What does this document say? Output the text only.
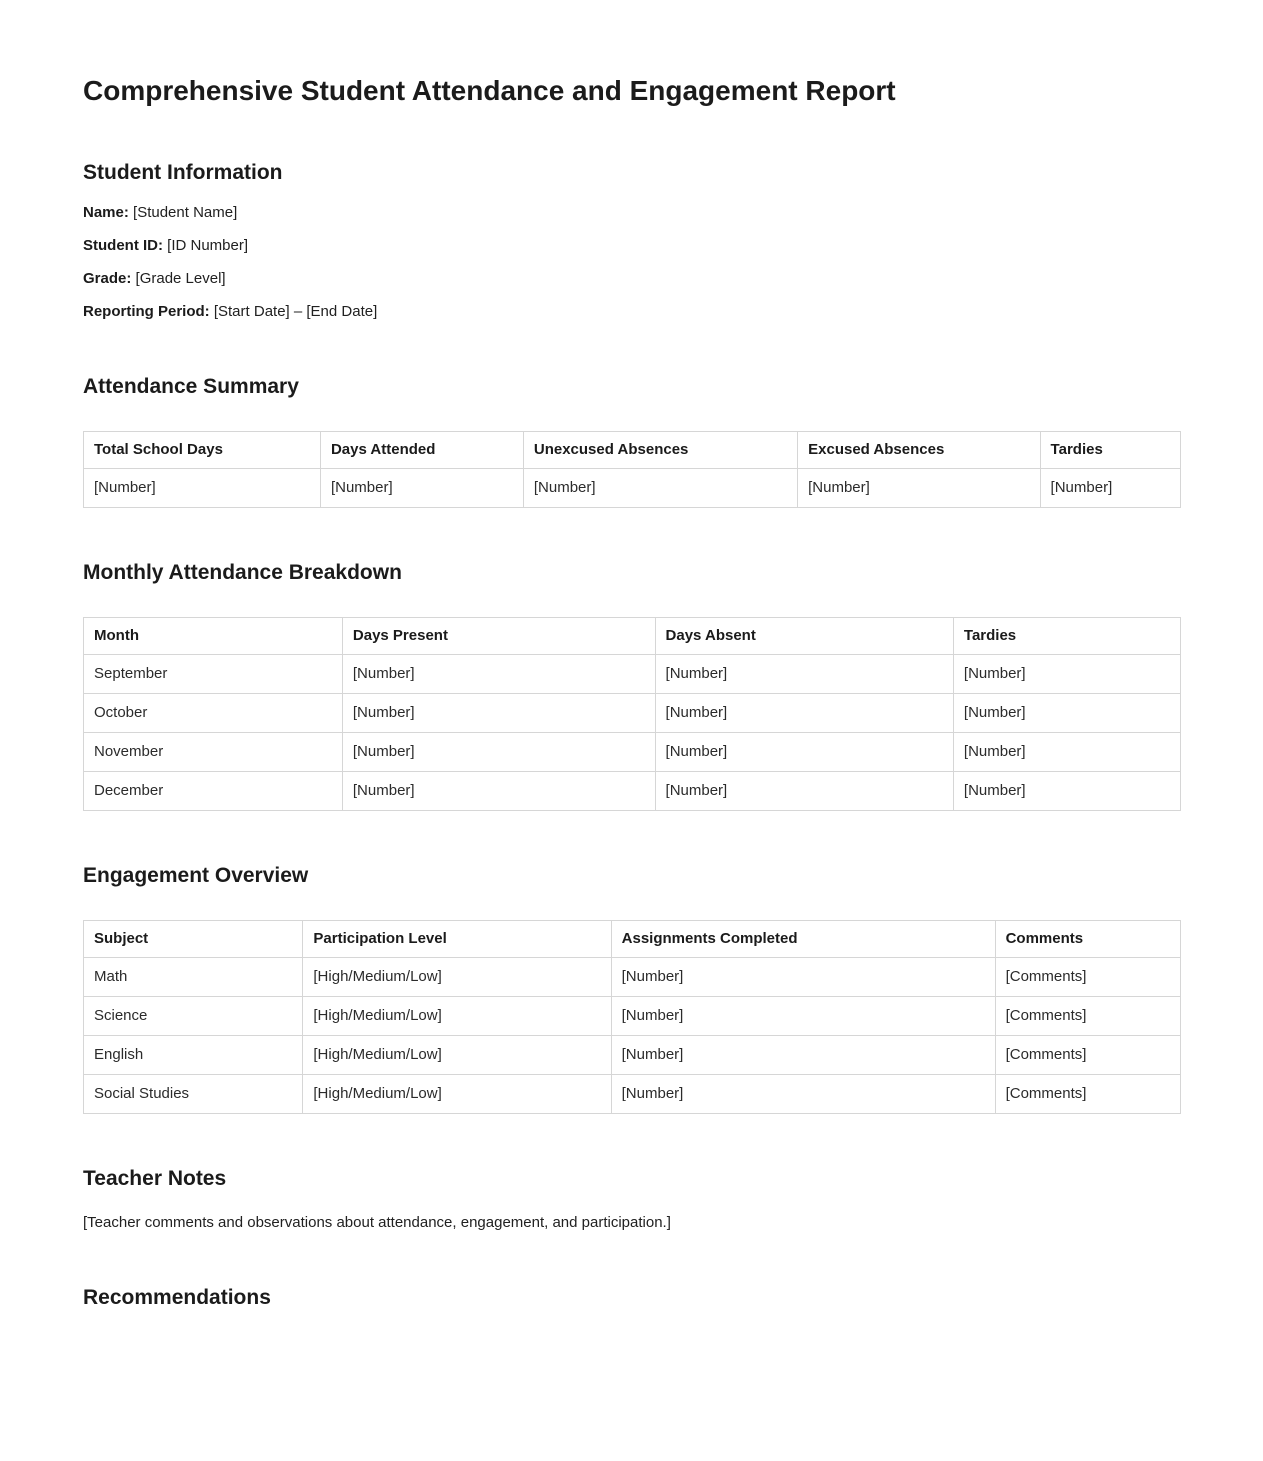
Comprehensive Student Attendance and Engagement Report
Student Information

Name: [Student Name]

Student ID: [ID Number]

Grade: [Grade Level]

Reporting Period: [Start Date] – [End Date]

Attendance Summary
Total School Days	Days Attended	Unexcused Absences	Excused Absences	Tardies
[Number]	[Number]	[Number]	[Number]	[Number]
Monthly Attendance Breakdown
Month	Days Present	Days Absent	Tardies
September	[Number]	[Number]	[Number]
October	[Number]	[Number]	[Number]
November	[Number]	[Number]	[Number]
December	[Number]	[Number]	[Number]
Engagement Overview
Subject	Participation Level	Assignments Completed	Comments
Math	[High/Medium/Low]	[Number]	[Comments]
Science	[High/Medium/Low]	[Number]	[Comments]
English	[High/Medium/Low]	[Number]	[Comments]
Social Studies	[High/Medium/Low]	[Number]	[Comments]
Teacher Notes

[Teacher comments and observations about attendance, engagement, and participation.]

Recommendations
